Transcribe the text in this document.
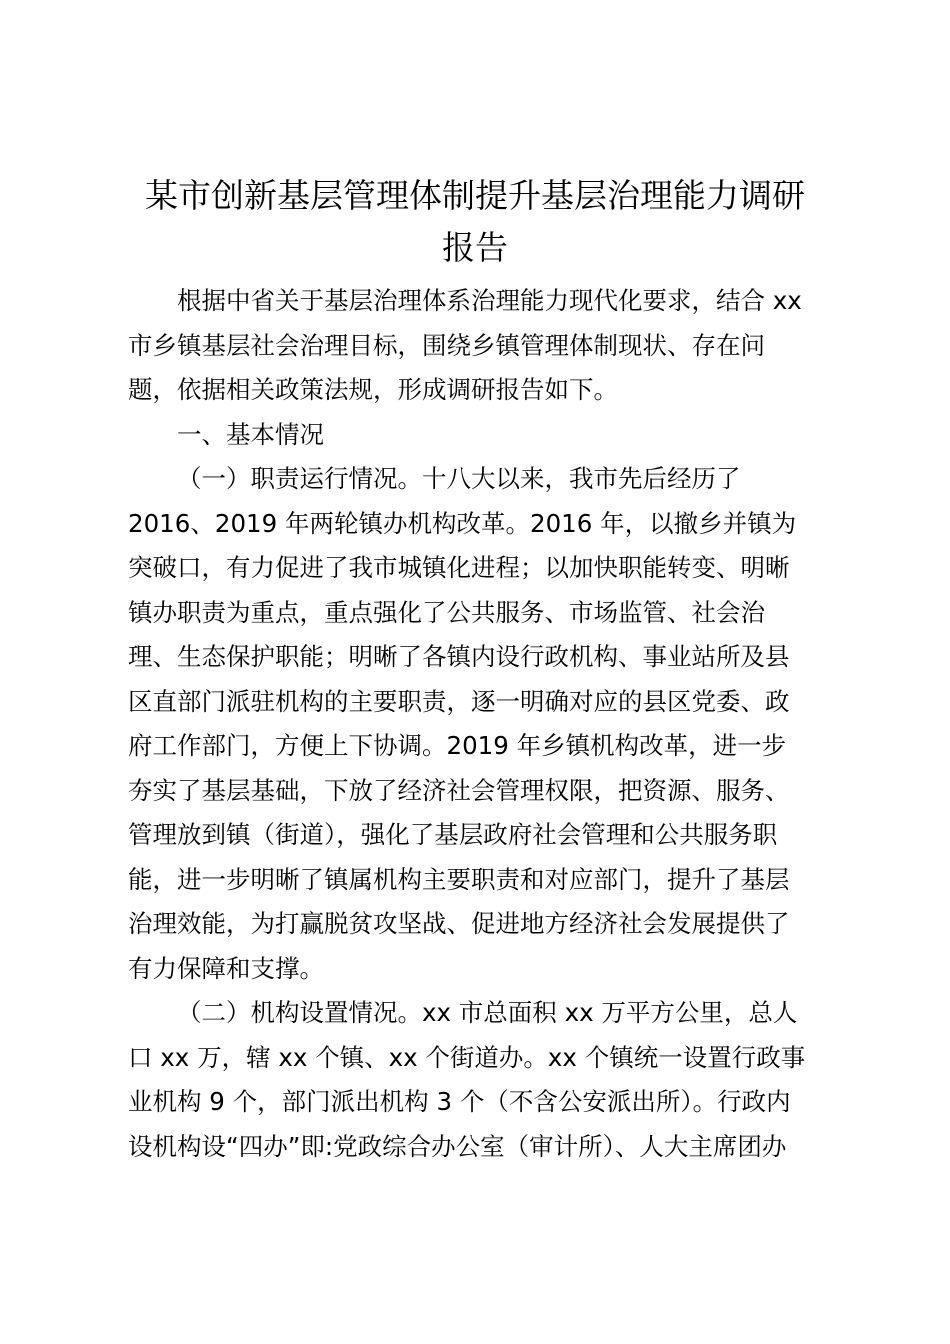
某市创新基层管理体制提升基层治理能力调研
报告

根据中省关于基层治理体系治理能力现代化要求，结合 xx
市乡镇基层社会治理目标，围绕乡镇管理体制现状、存在问
题，依据相关政策法规，形成调研报告如下。

一、基本情况

（一）职责运行情况。十八大以来，我市先后经历了
2016、2019 年两轮镇办机构改革。2016 年，以撤乡并镇为
突破口，有力促进了我市城镇化进程；以加快职能转变、明晰
镇办职责为重点，重点强化了公共服务、市场监管、社会治
理、生态保护职能；明晰了各镇内设行政机构、事业站所及县
区直部门派驻机构的主要职责，逐一明确对应的县区党委、政
府工作部门，方便上下协调。2019 年乡镇机构改革，进一步
夯实了基层基础，下放了经济社会管理权限，把资源、服务、
管理放到镇（街道），强化了基层政府社会管理和公共服务职
能，进一步明晰了镇属机构主要职责和对应部门，提升了基层
治理效能，为打赢脱贫攻坚战、促进地方经济社会发展提供了
有力保障和支撑。

（二）机构设置情况。xx 市总面积 xx 万平方公里，总人
口 xx 万，辖 xx 个镇、xx 个街道办。xx 个镇统一设置行政事
业机构 9 个，部门派出机构 3 个（不含公安派出所）。行政内
设机构设“四办”即:党政综合办公室（审计所）、人大主席团办
